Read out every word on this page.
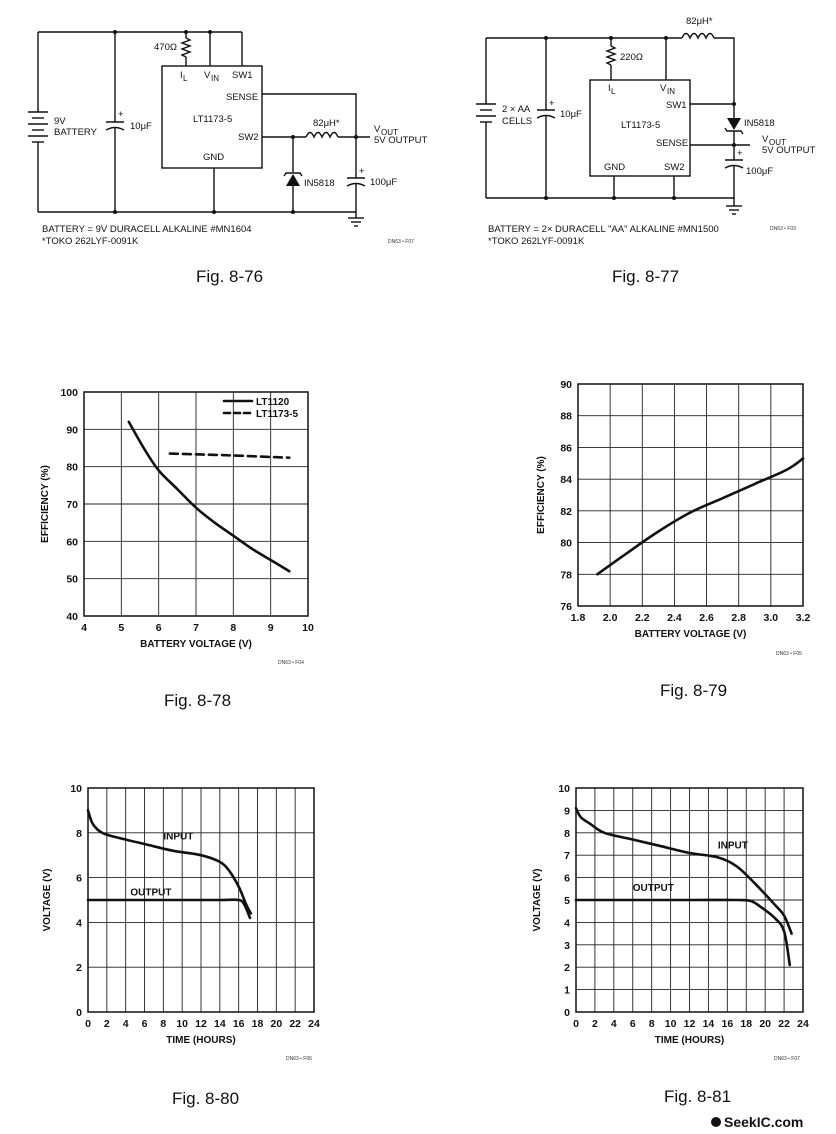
9V
BATTERY
+
10μF
470Ω
I L V IN SW1
SENSE
LT1173-5
SW2
GND
82μH*
V OUT
5V OUTPUT
IN5818
+
100μF
BATTERY = 9V DURACELL ALKALINE #MN1604
*TOKO 262LYF-0091K	DN63 • F07
Fig. 8-76
2 × AA
CELLS
+
10μF
220Ω
82μH*
I L	V IN
SW1
LT1173-5
SENSE
GND	SW2
IN5818
V OUT
5V OUTPUT
+
100μF
BATTERY = 2× DURACELL "AA" ALKALINE #MN1500
*TOKO 262LYF-0091K
DN63 • F03
Fig. 8-77
4	5	6	7	8	9	10
40
50
60
70
80
90
100
BATTERY VOLTAGE (V)
EFFICIENCY (%)
LT1120
LT1173-5
1.8 2.0 2.2 2.4 2.6 2.8 3.0 3.2
76
78
80
82
84
86
88
90
BATTERY VOLTAGE (V)
EFFICIENCY (%)
0 2 4 6 8 10 12 14 16 18 20 22 24
0
2
4
6
8
10
TIME (HOURS)
VOLTAGE (V)
INPUT
OUTPUT
0 2 4 6 8 10 12 14 16 18 20 22 24
0
1
2
3
4
5
6
7
8
9
10
TIME (HOURS)
VOLTAGE (V)
INPUT
OUTPUT
DN63 • F04
Fig. 8-78
DN63 • F05
Fig. 8-79
DN63 • F06
Fig. 8-80
DN63 • F07
Fig. 8-81
SeekIC.com
